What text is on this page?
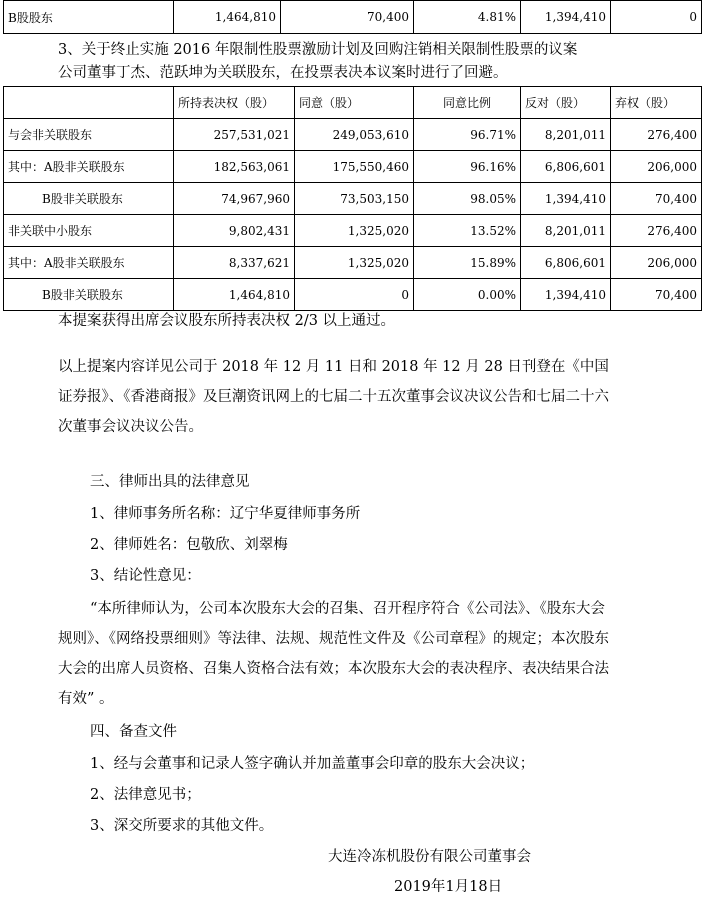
B股股东	1,464,810	70,400	4.81%	1,394,410	0

3、关于终止实施 2016 年限制性股票激励计划及回购注销相关限制性股票的议案

公司董事丁杰、范跃坤为关联股东，在投票表决本议案时进行了回避。

	所持表决权（股）	同意（股）	同意比例	反对（股）	弃权（股）
与会非关联股东	257,531,021	249,053,610	96.71%	8,201,011	276,400
其中：A股非关联股东	182,563,061	175,550,460	96.16%	6,806,601	206,000
B股非关联股东	74,967,960	73,503,150	98.05%	1,394,410	70,400
非关联中小股东	9,802,431	1,325,020	13.52%	8,201,011	276,400
其中：A股非关联股东	8,337,621	1,325,020	15.89%	6,806,601	206,000
B股非关联股东	1,464,810	0	0.00%	1,394,410	70,400

本提案获得出席会议股东所持表决权 2/3 以上通过。

以上提案内容详见公司于 2018 年 12 月 11 日和 2018 年 12 月 28 日刊登在《中国证券报》、《香港商报》及巨潮资讯网上的七届二十五次董事会议决议公告和七届二十六次董事会议决议公告。

三、律师出具的法律意见

1、律师事务所名称：辽宁华夏律师事务所

2、律师姓名：包敬欣、刘翠梅

3、结论性意见：

“本所律师认为，公司本次股东大会的召集、召开程序符合《公司法》、《股东大会规则》、《网络投票细则》等法律、法规、规范性文件及《公司章程》的规定；本次股东大会的出席人员资格、召集人资格合法有效；本次股东大会的表决程序、表决结果合法有效” 。

四、备查文件

1、经与会董事和记录人签字确认并加盖董事会印章的股东大会决议；

2、法律意见书；

3、深交所要求的其他文件。

大连冷冻机股份有限公司董事会

2019年1月18日
